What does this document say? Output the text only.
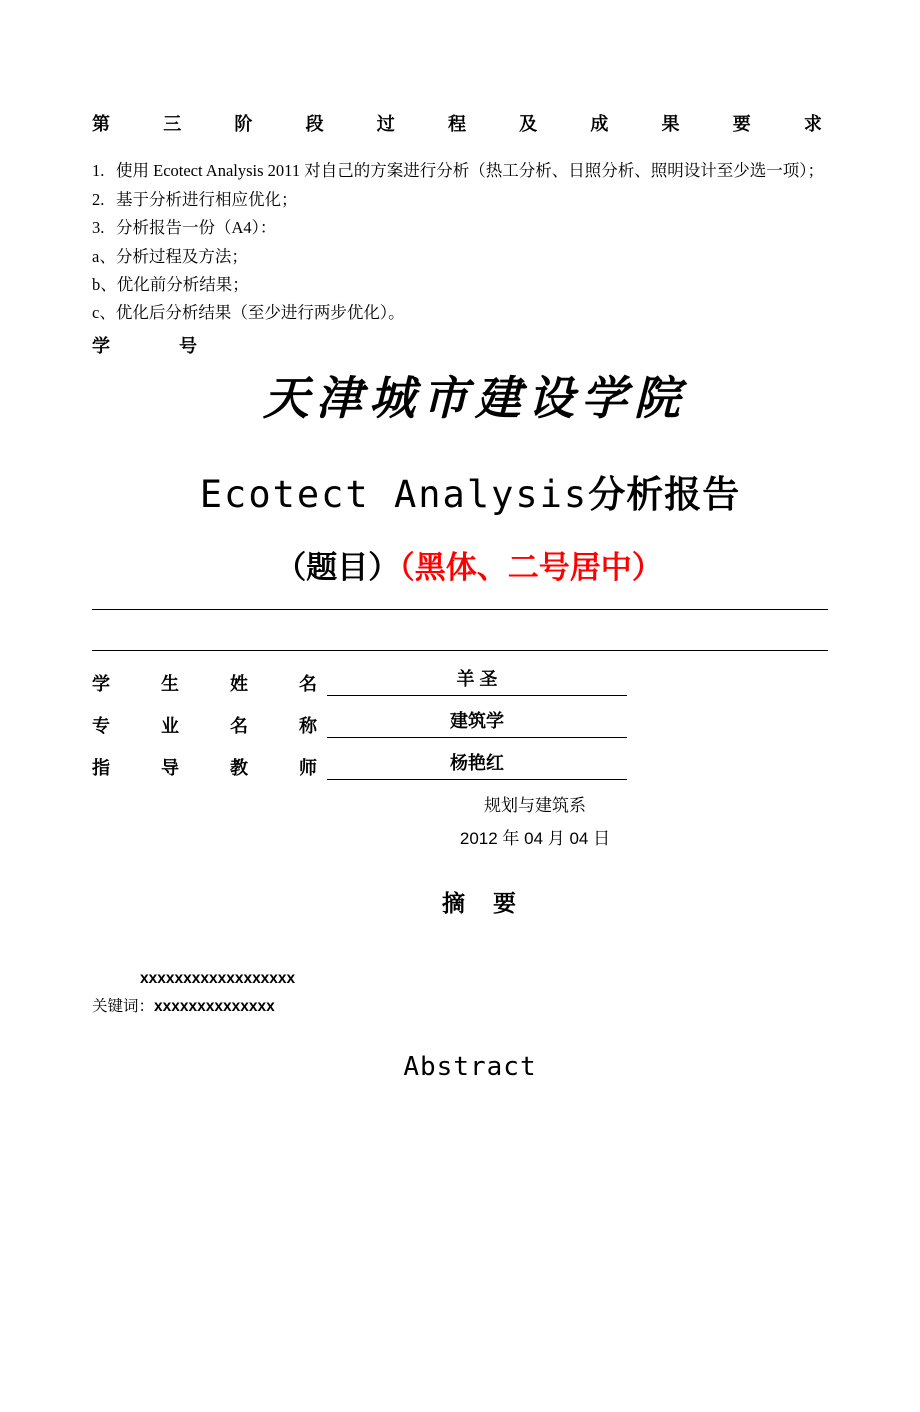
第	三	阶	段	过	程	及	成	果	要	求
1. 使用 Ecotect Analysis 2011 对自己的方案进行分析（热工分析、日照分析、照明设计至少选一项）；
2. 基于分析进行相应优化；
3. 分析报告一份（A4）：
a、分析过程及方法；
b、优化前分析结果；
c、优化后分析结果（至少进行两步优化）。
学	号
天津城市建设学院
Ecotect Analysis分析报告
（题目）（黑体、二号居中）
学	生	姓	名	羊 圣
专	业	名	称	建筑学
指	导	教	师	杨艳红
规划与建筑系
2012 年 04 月 04 日
摘 要
xxxxxxxxxxxxxxxxxx
关键词：xxxxxxxxxxxxxx
Abstract
